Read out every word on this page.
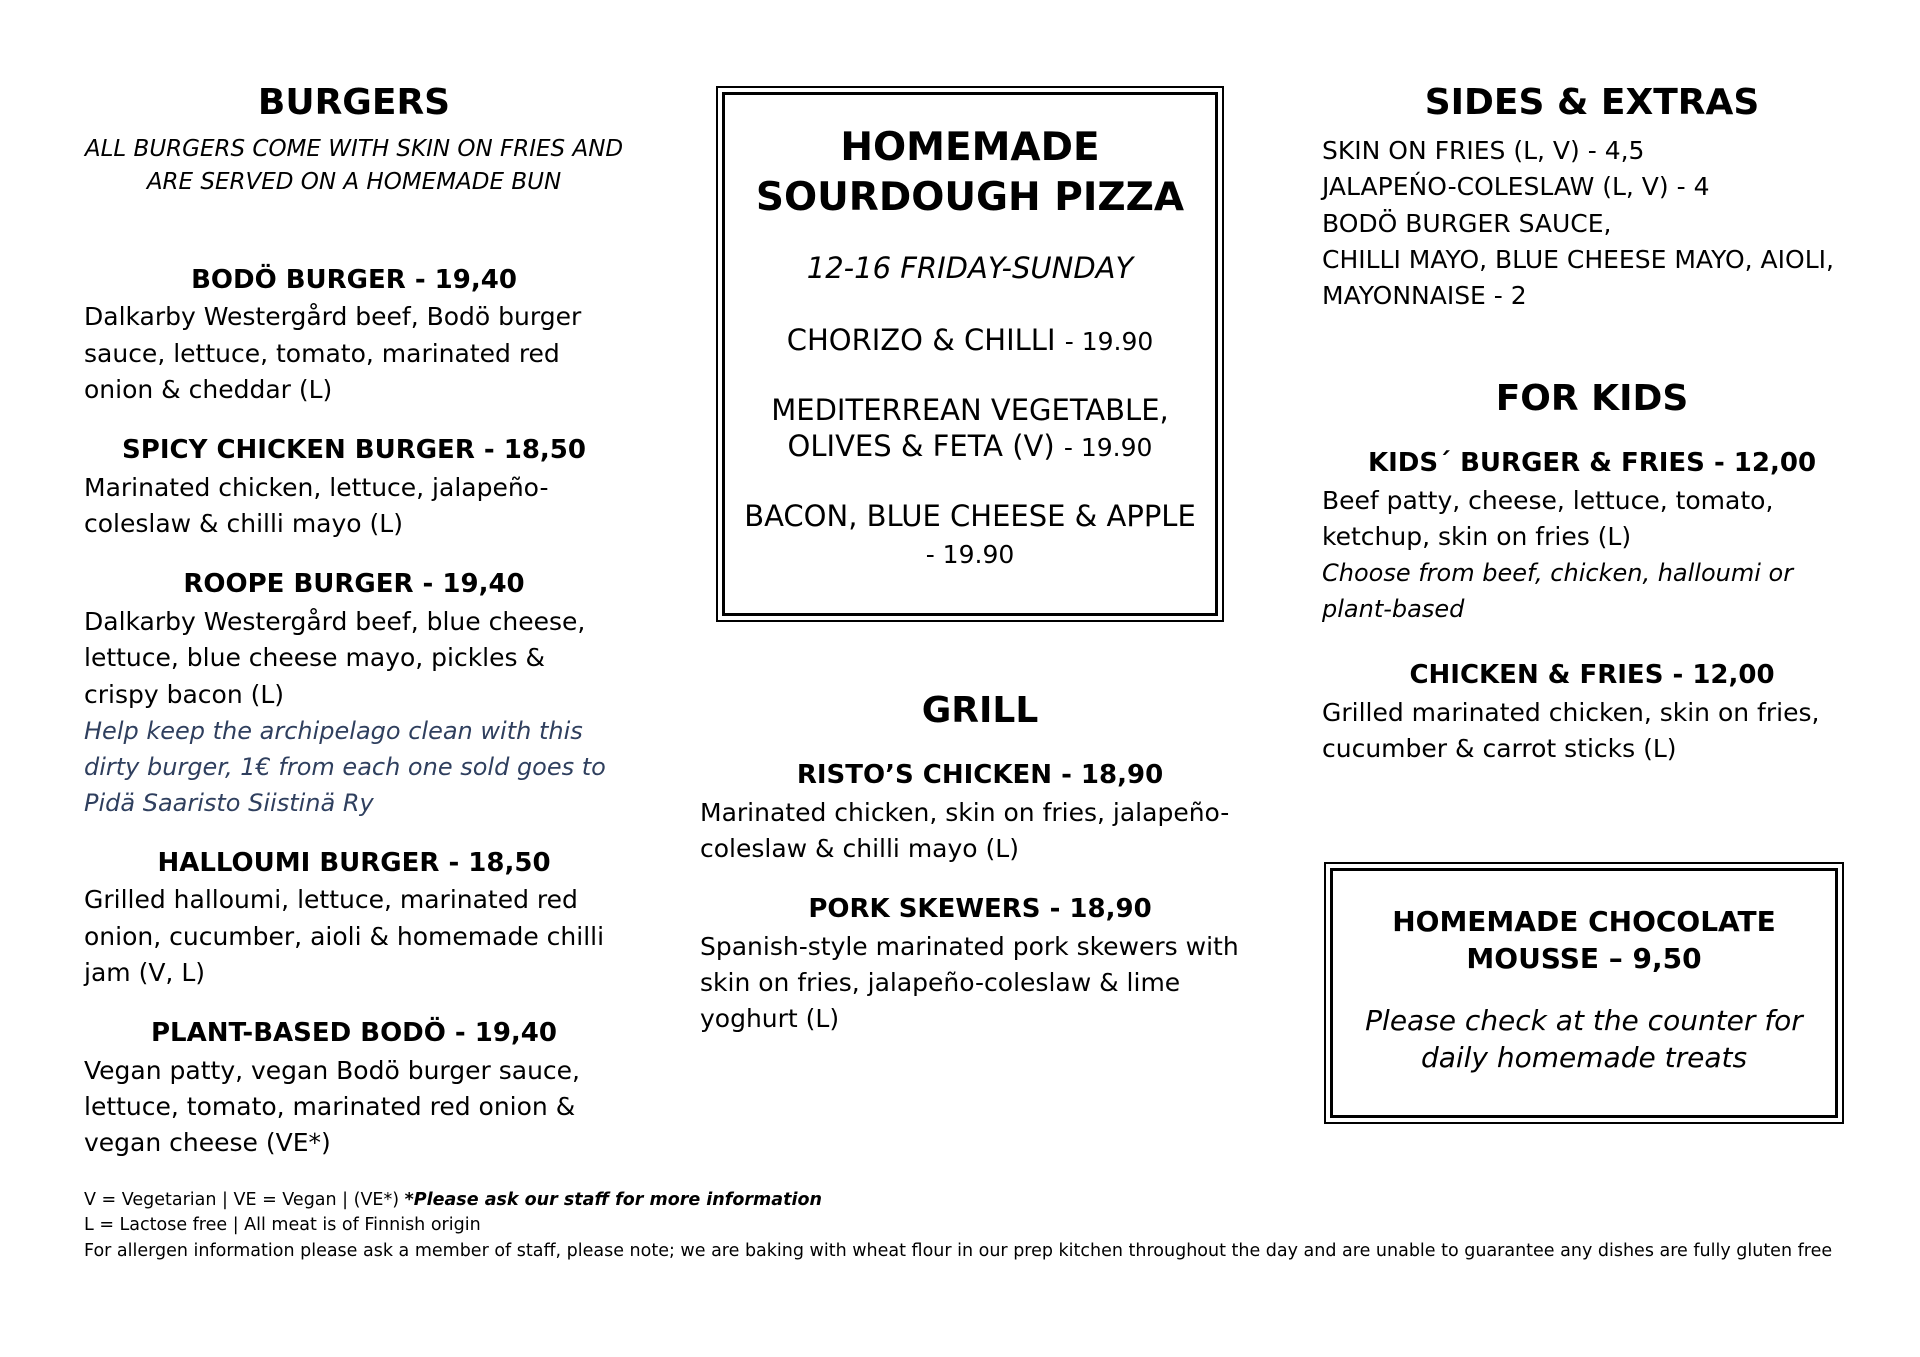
BURGERS
ALL BURGERS COME WITH SKIN ON FRIES AND
ARE SERVED ON A HOMEMADE BUN
BODÖ BURGER - 19,40
Dalkarby Westergård beef, Bodö burger sauce, lettuce, tomato, marinated red onion & cheddar (L)
SPICY CHICKEN BURGER - 18,50
Marinated chicken, lettuce, jalapeño-coleslaw & chilli mayo (L)
ROOPE BURGER - 19,40
Dalkarby Westergård beef, blue cheese, lettuce, blue cheese mayo, pickles & crispy bacon (L)
Help keep the archipelago clean with this dirty burger, 1€ from each one sold goes to Pidä Saaristo Siistinä Ry
HALLOUMI BURGER - 18,50
Grilled halloumi, lettuce, marinated red onion, cucumber, aioli & homemade chilli jam (V, L)
PLANT-BASED BODÖ - 19,40
Vegan patty, vegan Bodö burger sauce, lettuce, tomato, marinated red onion & vegan cheese (VE*)
HOMEMADE
SOURDOUGH PIZZA
12-16 FRIDAY-SUNDAY
CHORIZO & CHILLI - 19.90
MEDITERREAN VEGETABLE, OLIVES & FETA (V) - 19.90
BACON, BLUE CHEESE & APPLE - 19.90
GRILL
RISTO’S CHICKEN - 18,90
Marinated chicken, skin on fries, jalapeño-coleslaw & chilli mayo (L)
PORK SKEWERS - 18,90
Spanish-style marinated pork skewers with skin on fries, jalapeño-coleslaw & lime yoghurt (L)
SIDES & EXTRAS
SKIN ON FRIES (L, V) - 4,5
JALAPEŃO-COLESLAW (L, V) - 4
BODÖ BURGER SAUCE,
CHILLI MAYO, BLUE CHEESE MAYO, AIOLI,
MAYONNAISE - 2
FOR KIDS
KIDS´ BURGER & FRIES - 12,00
Beef patty, cheese, lettuce, tomato, ketchup, skin on fries (L)
Choose from beef, chicken, halloumi or plant-based
CHICKEN & FRIES - 12,00
Grilled marinated chicken, skin on fries, cucumber & carrot sticks (L)
HOMEMADE CHOCOLATE
MOUSSE – 9,50
Please check at the counter for daily homemade treats
V = Vegetarian | VE = Vegan | (VE*) *Please ask our staff for more information
L = Lactose free | All meat is of Finnish origin
For allergen information please ask a member of staff, please note; we are baking with wheat flour in our prep kitchen throughout the day and are unable to guarantee any dishes are fully gluten free
